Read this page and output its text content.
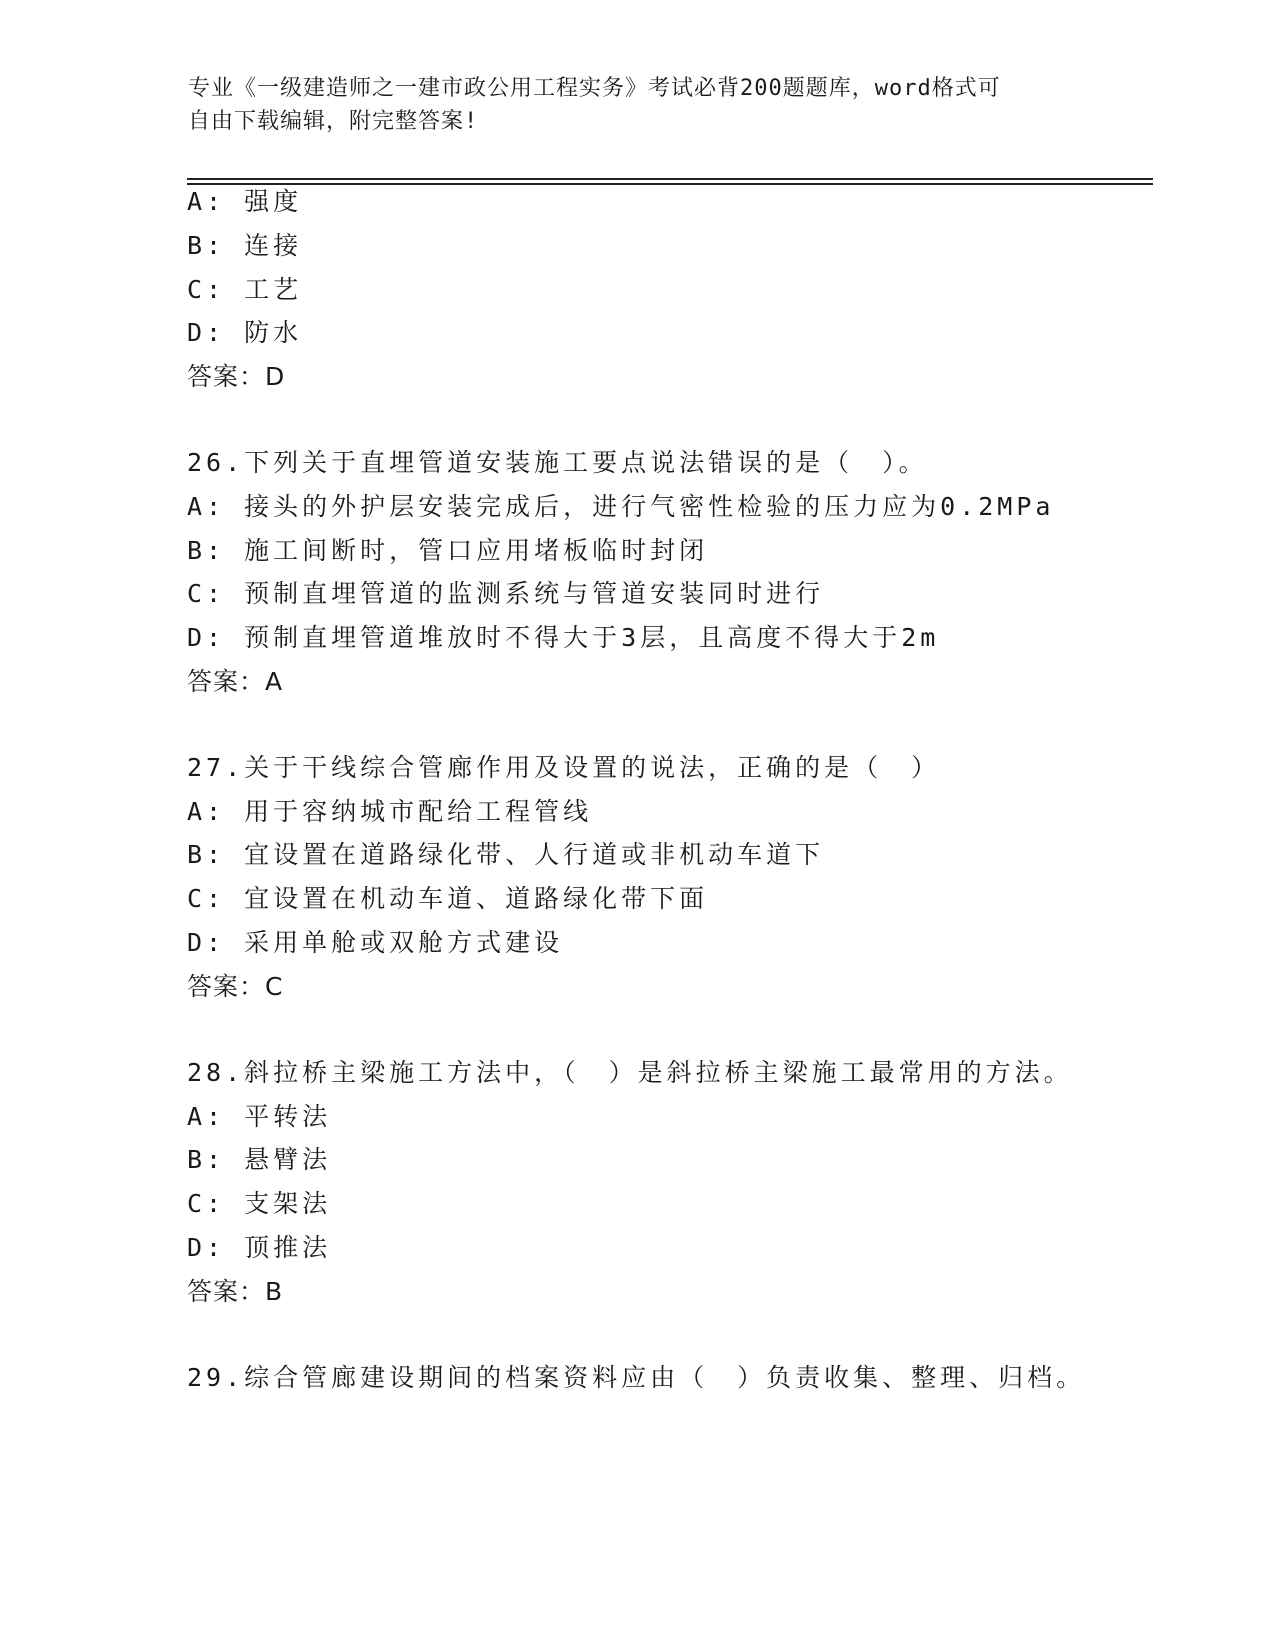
专业《一级建造师之一建市政公用工程实务》考试必背200题题库，word格式可
自由下载编辑，附完整答案!
A: 强度
B: 连接
C: 工艺
D: 防水
答案：D
26.下列关于直埋管道安装施工要点说法错误的是（　）。
A: 接头的外护层安装完成后，进行气密性检验的压力应为0.2MPa
B: 施工间断时，管口应用堵板临时封闭
C: 预制直埋管道的监测系统与管道安装同时进行
D: 预制直埋管道堆放时不得大于3层，且高度不得大于2m
答案：A
27.关于干线综合管廊作用及设置的说法，正确的是（　）
A: 用于容纳城市配给工程管线
B: 宜设置在道路绿化带、人行道或非机动车道下
C: 宜设置在机动车道、道路绿化带下面
D: 采用单舱或双舱方式建设
答案：C
28.斜拉桥主梁施工方法中，（　）是斜拉桥主梁施工最常用的方法。
A: 平转法
B: 悬臂法
C: 支架法
D: 顶推法
答案：B
29.综合管廊建设期间的档案资料应由（　）负责收集、整理、归档。
